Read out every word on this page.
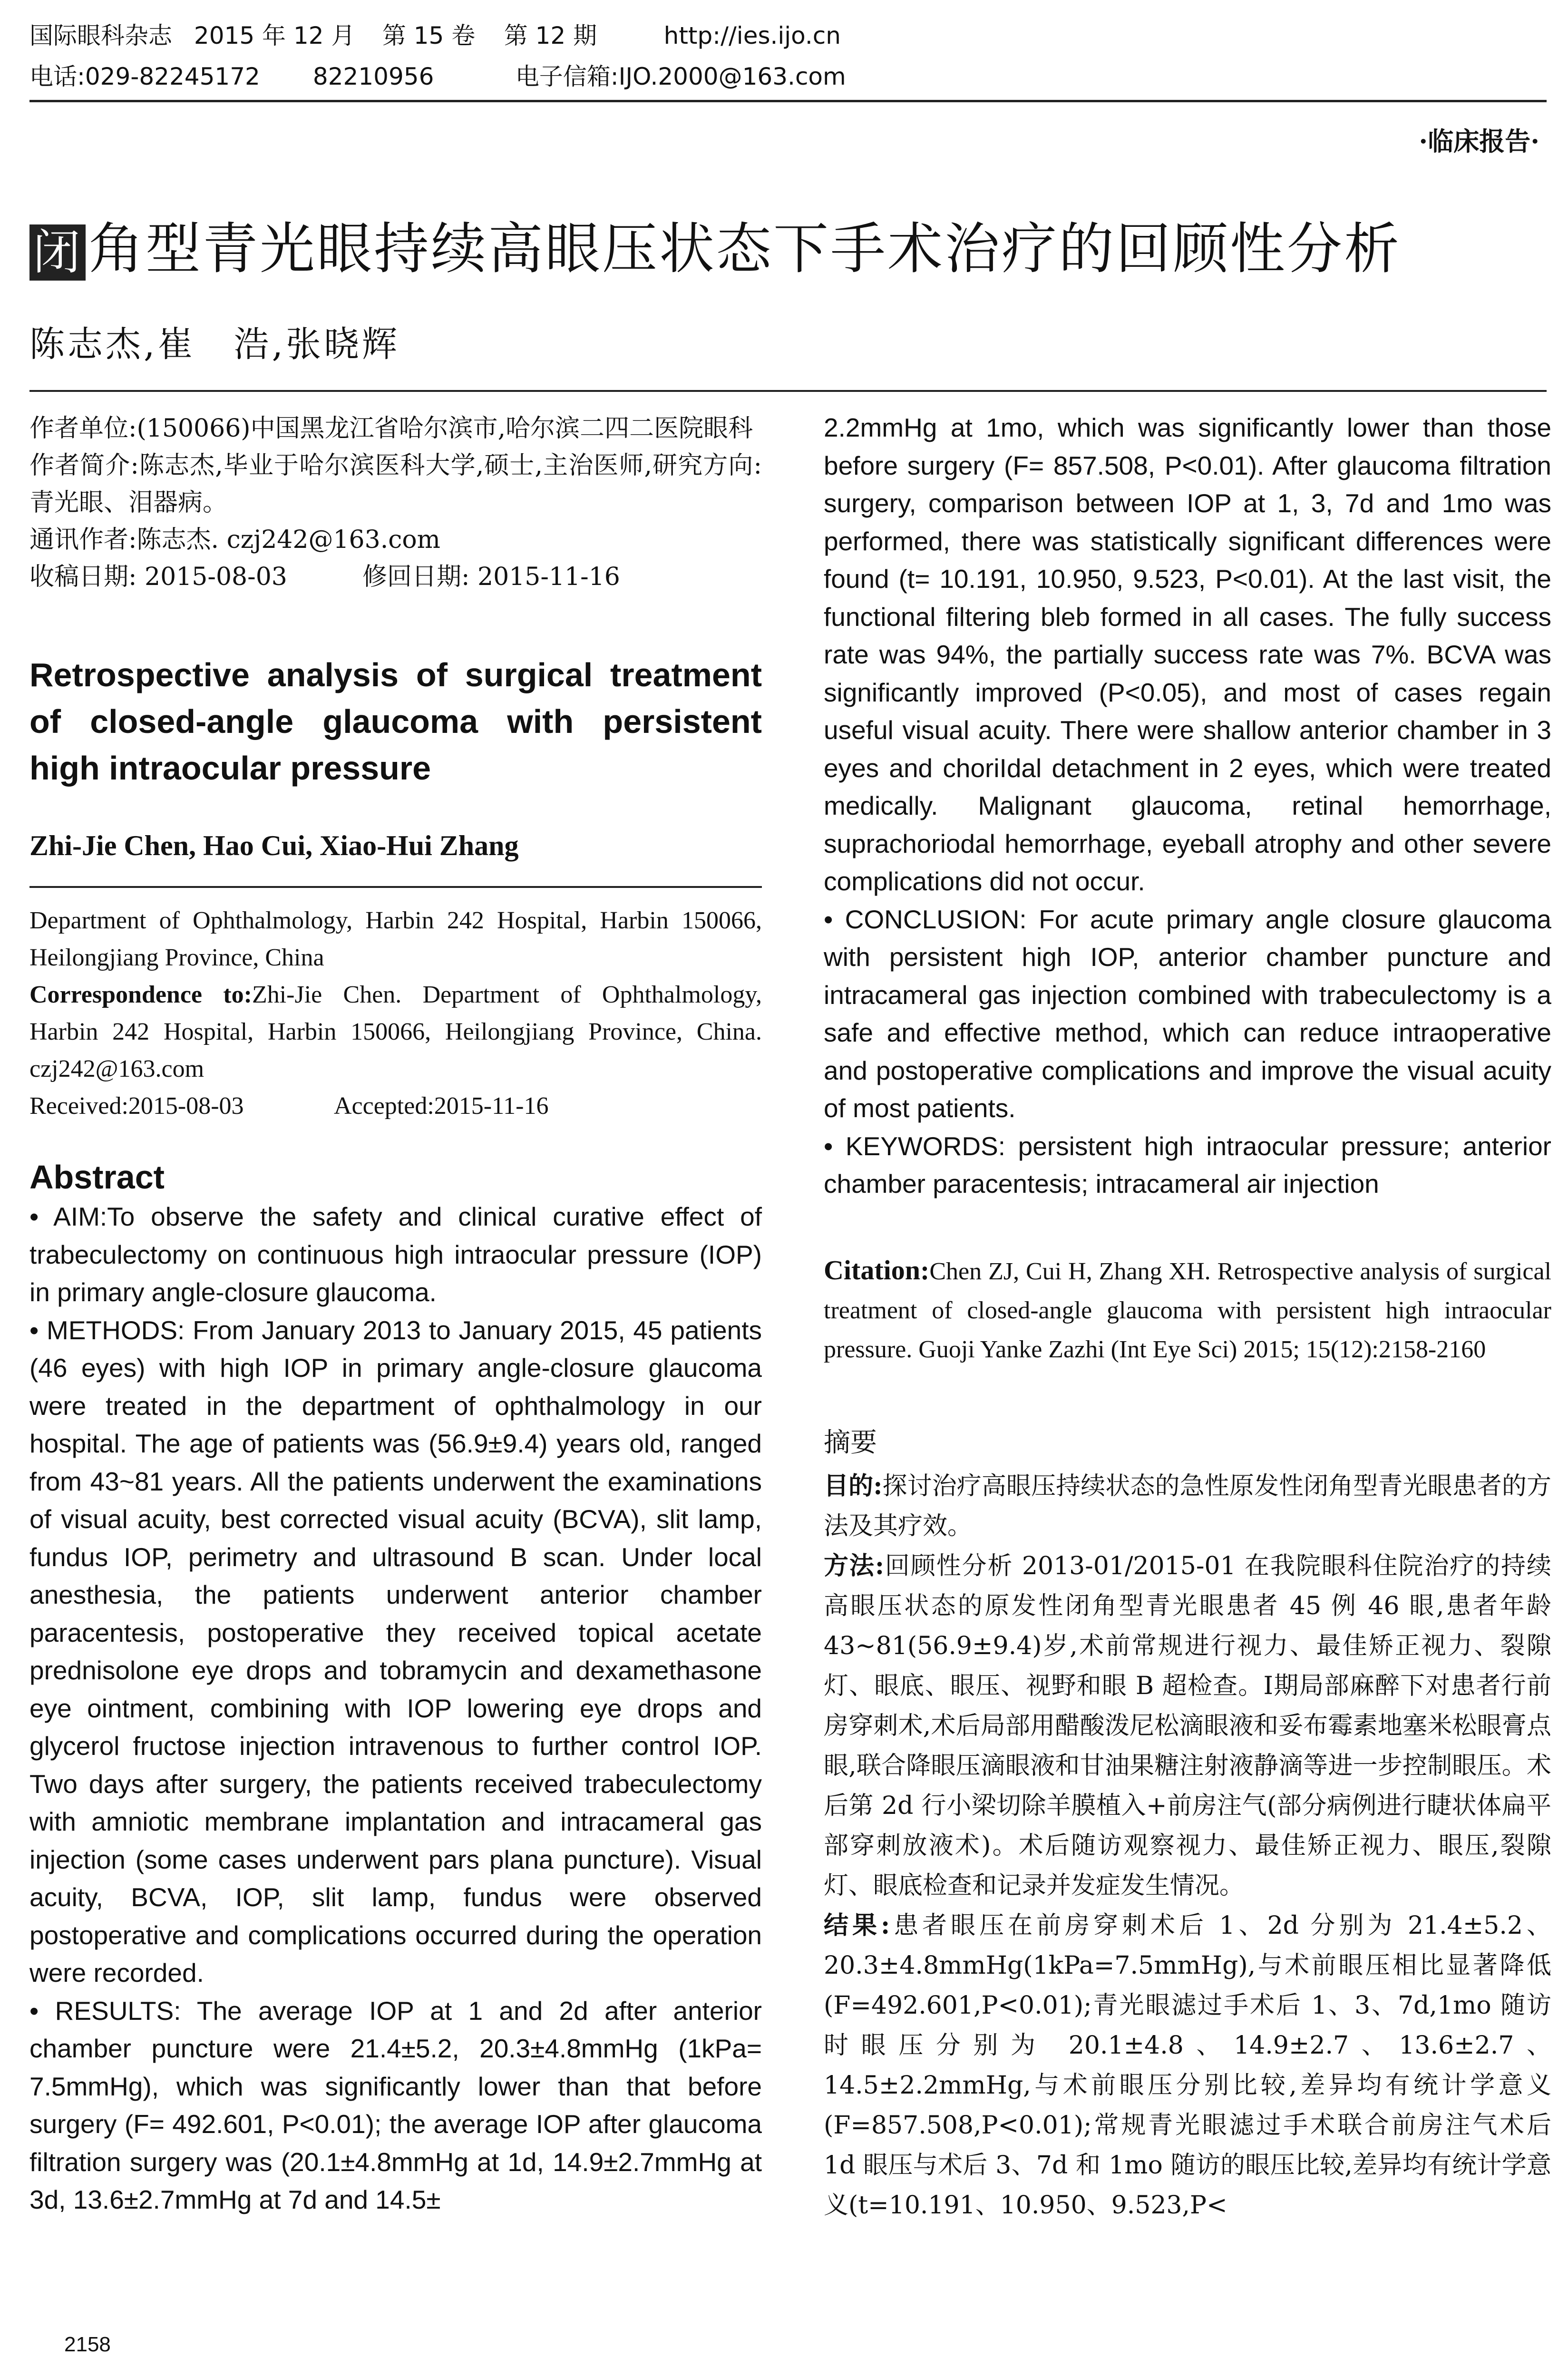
国际眼科杂志 2015 年 12 月 第 15 卷 第 12 期	http://ies.ijo.cn
电话:029-82245172 82210956	电子信箱:IJO.2000@163.com
·临床报告·
闭 角型青光眼持续高眼压状态下手术治疗的回顾性分析
陈志杰,崔　浩,张晓辉

作者单位:(150066)中国黑龙江省哈尔滨市,哈尔滨二四二医院眼科

作者简介:陈志杰,毕业于哈尔滨医科大学,硕士,主治医师,研究方向:青光眼、泪器病。

通讯作者:陈志杰. czj242@163.com

收稿日期: 2015-08-03	修回日期: 2015-11-16

Retrospective analysis of surgical treatment of closed-angle glaucoma with persistent high intraocular pressure

Zhi-Jie Chen, Hao Cui, Xiao-Hui Zhang

Department of Ophthalmology, Harbin 242 Hospital, Harbin 150066, Heilongjiang Province, China

Correspondence to:Zhi-Jie Chen. Department of Ophthalmology, Harbin 242 Hospital, Harbin 150066, Heilongjiang Province, China. czj242@163.com

Received:2015-08-03	Accepted:2015-11-16

Abstract

• AIM:To observe the safety and clinical curative effect of trabeculectomy on continuous high intraocular pressure (IOP) in primary angle-closure glaucoma.

• METHODS: From January 2013 to January 2015, 45 patients (46 eyes) with high IOP in primary angle-closure glaucoma were treated in the department of ophthalmology in our hospital. The age of patients was (56.9±9.4) years old, ranged from 43~81 years. All the patients underwent the examinations of visual acuity, best corrected visual acuity (BCVA), slit lamp, fundus IOP, perimetry and ultrasound B scan. Under local anesthesia, the patients underwent anterior chamber paracentesis, postoperative they received topical acetate prednisolone eye drops and tobramycin and dexamethasone eye ointment, combining with IOP lowering eye drops and glycerol fructose injection intravenous to further control IOP. Two days after surgery, the patients received trabeculectomy with amniotic membrane implantation and intracameral gas injection (some cases underwent pars plana puncture). Visual acuity, BCVA, IOP, slit lamp, fundus were observed postoperative and complications occurred during the operation were recorded.

• RESULTS: The average IOP at 1 and 2d after anterior chamber puncture were 21.4±5.2, 20.3±4.8mmHg (1kPa= 7.5mmHg), which was significantly lower than that before surgery (F= 492.601, P<0.01); the average IOP after glaucoma filtration surgery was (20.1±4.8mmHg at 1d, 14.9±2.7mmHg at 3d, 13.6±2.7mmHg at 7d and 14.5±

2.2mmHg at 1mo, which was significantly lower than those before surgery (F= 857.508, P<0.01). After glaucoma filtration surgery, comparison between IOP at 1, 3, 7d and 1mo was performed, there was statistically significant differences were found (t= 10.191, 10.950, 9.523, P<0.01). At the last visit, the functional filtering bleb formed in all cases. The fully success rate was 94%, the partially success rate was 7%. BCVA was significantly improved (P<0.05), and most of cases regain useful visual acuity. There were shallow anterior chamber in 3 eyes and choriIdal detachment in 2 eyes, which were treated medically. Malignant glaucoma, retinal hemorrhage, suprachoriodal hemorrhage, eyeball atrophy and other severe complications did not occur.

• CONCLUSION: For acute primary angle closure glaucoma with persistent high IOP, anterior chamber puncture and intracameral gas injection combined with trabeculectomy is a safe and effective method, which can reduce intraoperative and postoperative complications and improve the visual acuity of most patients.

• KEYWORDS: persistent high intraocular pressure; anterior chamber paracentesis; intracameral air injection

Citation:Chen ZJ, Cui H, Zhang XH. Retrospective analysis of surgical treatment of closed-angle glaucoma with persistent high intraocular pressure. Guoji Yanke Zazhi (Int Eye Sci) 2015; 15(12):2158-2160

摘要

目的:探讨治疗高眼压持续状态的急性原发性闭角型青光眼患者的方法及其疗效。

方法:回顾性分析 2013-01/2015-01 在我院眼科住院治疗的持续高眼压状态的原发性闭角型青光眼患者 45 例 46 眼,患者年龄 43~81(56.9±9.4)岁,术前常规进行视力、最佳矫正视力、裂隙灯、眼底、眼压、视野和眼 B 超检查。Ⅰ期局部麻醉下对患者行前房穿刺术,术后局部用醋酸泼尼松滴眼液和妥布霉素地塞米松眼膏点眼,联合降眼压滴眼液和甘油果糖注射液静滴等进一步控制眼压。术后第 2d 行小梁切除羊膜植入+前房注气(部分病例进行睫状体扁平部穿刺放液术)。术后随访观察视力、最佳矫正视力、眼压,裂隙灯、眼底检查和记录并发症发生情况。

结果:患者眼压在前房穿刺术后 1、2d 分别为 21.4±5.2、20.3±4.8mmHg(1kPa=7.5mmHg),与术前眼压相比显著降低(F=492.601,P<0.01);青光眼滤过手术后 1、3、7d,1mo 随访时眼压分别为 20.1±4.8、14.9±2.7、13.6±2.7、14.5±2.2mmHg,与术前眼压分别比较,差异均有统计学意义(F=857.508,P<0.01);常规青光眼滤过手术联合前房注气术后 1d 眼压与术后 3、7d 和 1mo 随访的眼压比较,差异均有统计学意义(t=10.191、10.950、9.523,P<

2158
